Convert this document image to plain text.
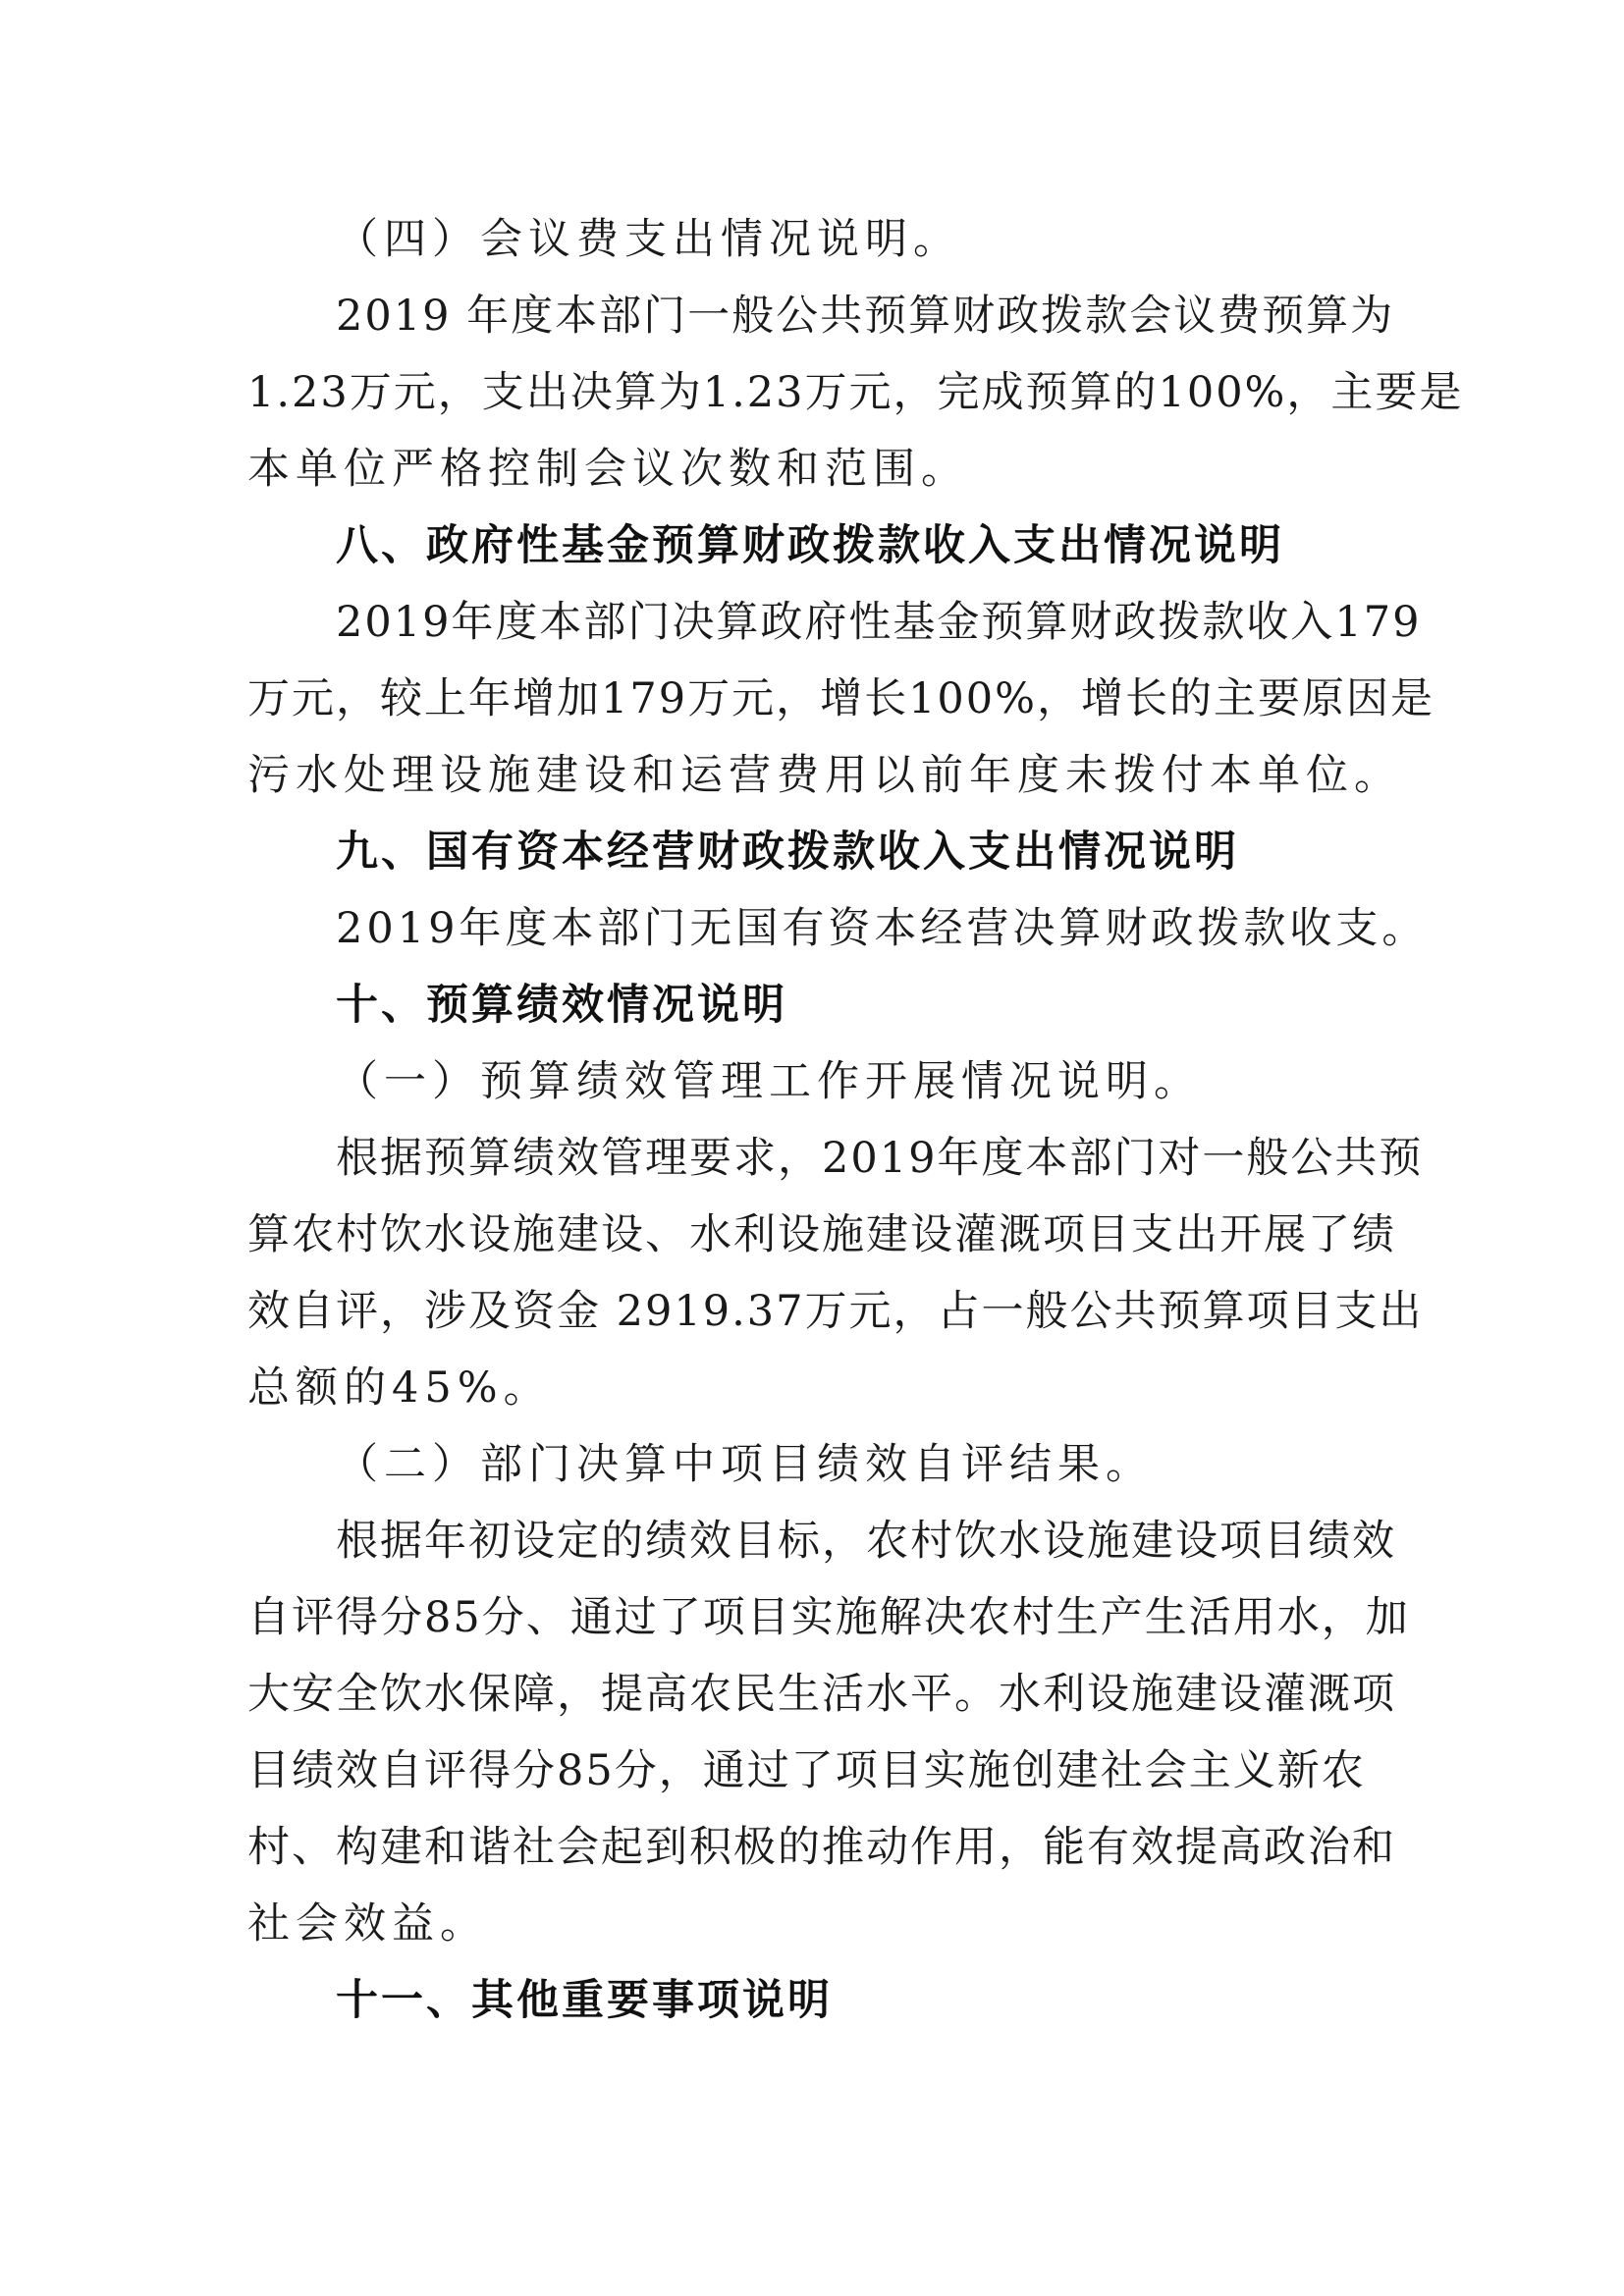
（四）会议费支出情况说明。
2019 年度本部门一般公共预算财政拨款会议费预算为
1.23万元，支出决算为1.23万元，完成预算的100%，主要是
本单位严格控制会议次数和范围。
八、政府性基金预算财政拨款收入支出情况说明
2019年度本部门决算政府性基金预算财政拨款收入179
万元，较上年增加179万元，增长100%，增长的主要原因是
污水处理设施建设和运营费用以前年度未拨付本单位。
九、国有资本经营财政拨款收入支出情况说明
2019年度本部门无国有资本经营决算财政拨款收支。
十、预算绩效情况说明
（一）预算绩效管理工作开展情况说明。
根据预算绩效管理要求，2019年度本部门对一般公共预
算农村饮水设施建设、水利设施建设灌溉项目支出开展了绩
效自评，涉及资金 2919.37万元，占一般公共预算项目支出
总额的45%。
（二）部门决算中项目绩效自评结果。
根据年初设定的绩效目标，农村饮水设施建设项目绩效
自评得分85分、通过了项目实施解决农村生产生活用水，加
大安全饮水保障，提高农民生活水平。水利设施建设灌溉项
目绩效自评得分85分，通过了项目实施创建社会主义新农
村、构建和谐社会起到积极的推动作用，能有效提高政治和
社会效益。
十一、其他重要事项说明
